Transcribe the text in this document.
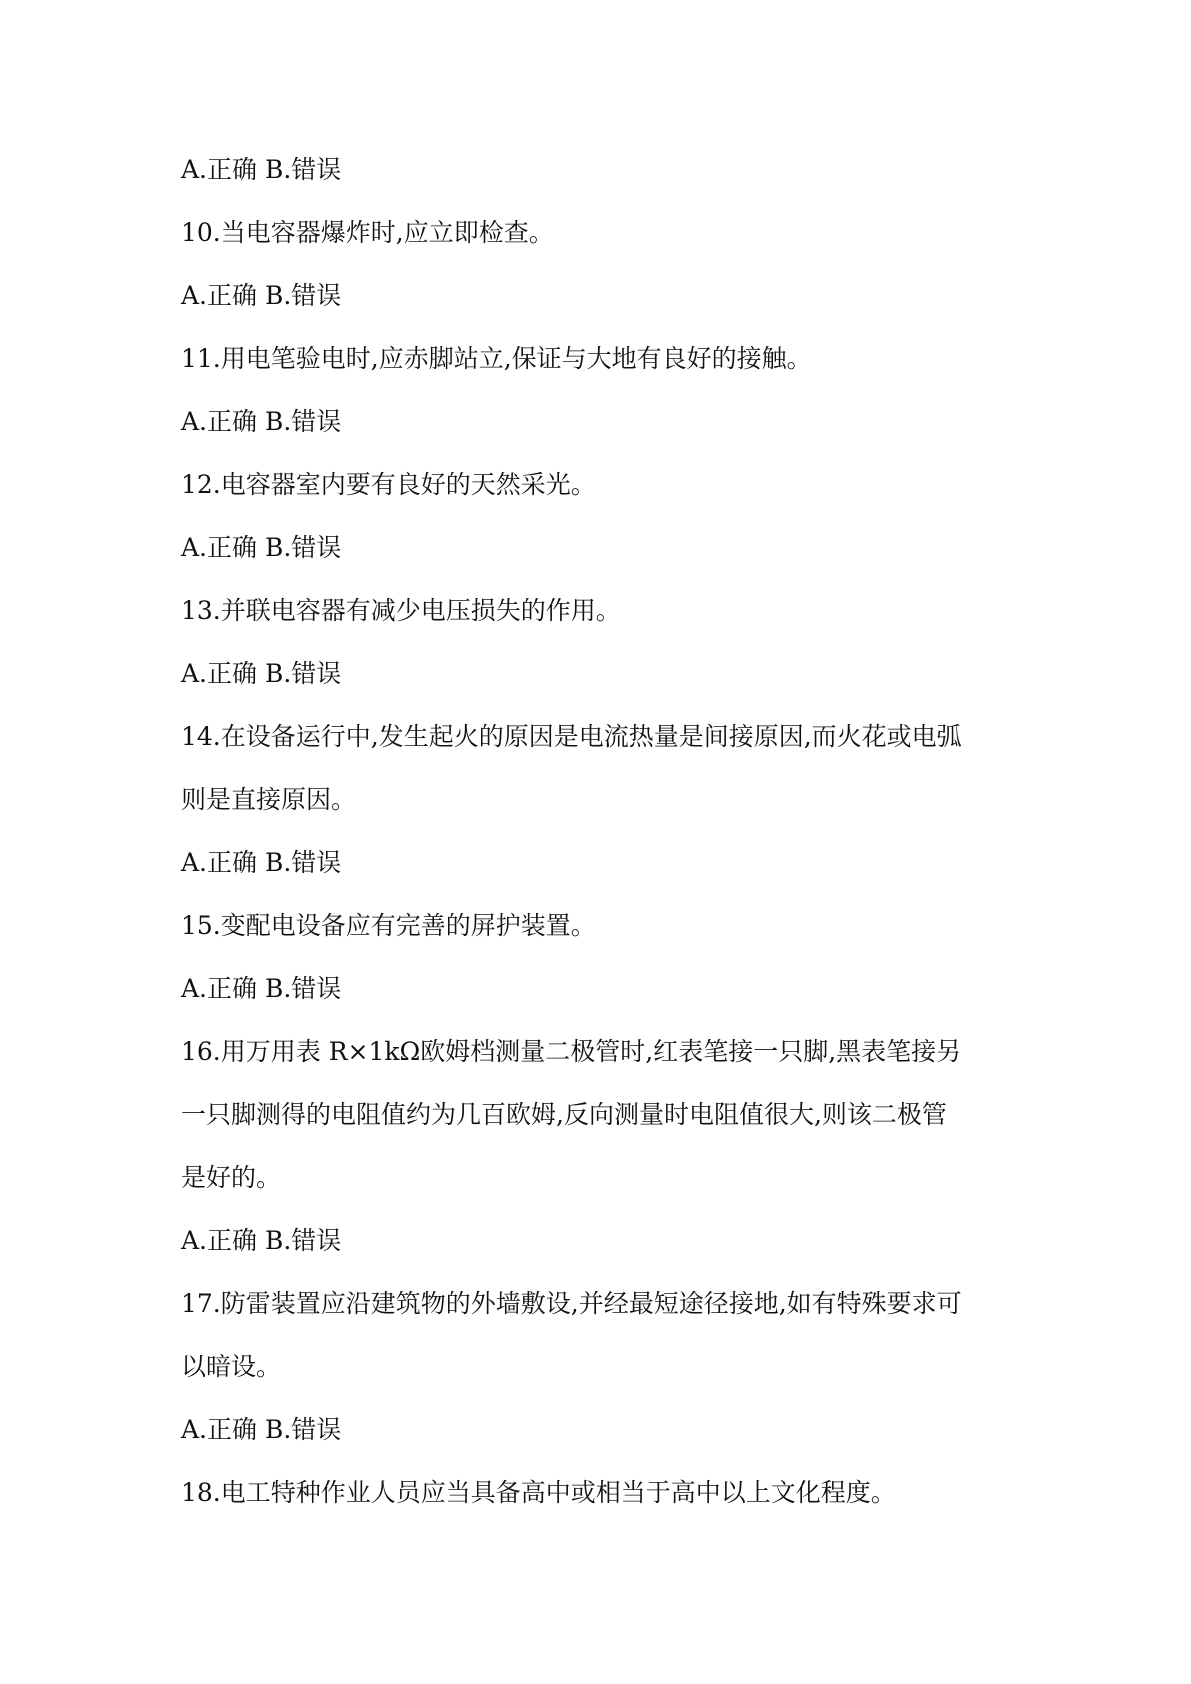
A.正确 B.错误

10.当电容器爆炸时,应立即检查。

A.正确 B.错误

11.用电笔验电时,应赤脚站立,保证与大地有良好的接触。

A.正确 B.错误

12.电容器室内要有良好的天然采光。

A.正确 B.错误

13.并联电容器有减少电压损失的作用。

A.正确 B.错误

14.在设备运行中,发生起火的原因是电流热量是间接原因,而火花或电弧

则是直接原因。

A.正确 B.错误

15.变配电设备应有完善的屏护装置。

A.正确 B.错误

16.用万用表 R×1kΩ欧姆档测量二极管时,红表笔接一只脚,黑表笔接另

一只脚测得的电阻值约为几百欧姆,反向测量时电阻值很大,则该二极管

是好的。

A.正确 B.错误

17.防雷装置应沿建筑物的外墙敷设,并经最短途径接地,如有特殊要求可

以暗设。

A.正确 B.错误

18.电工特种作业人员应当具备高中或相当于高中以上文化程度。
